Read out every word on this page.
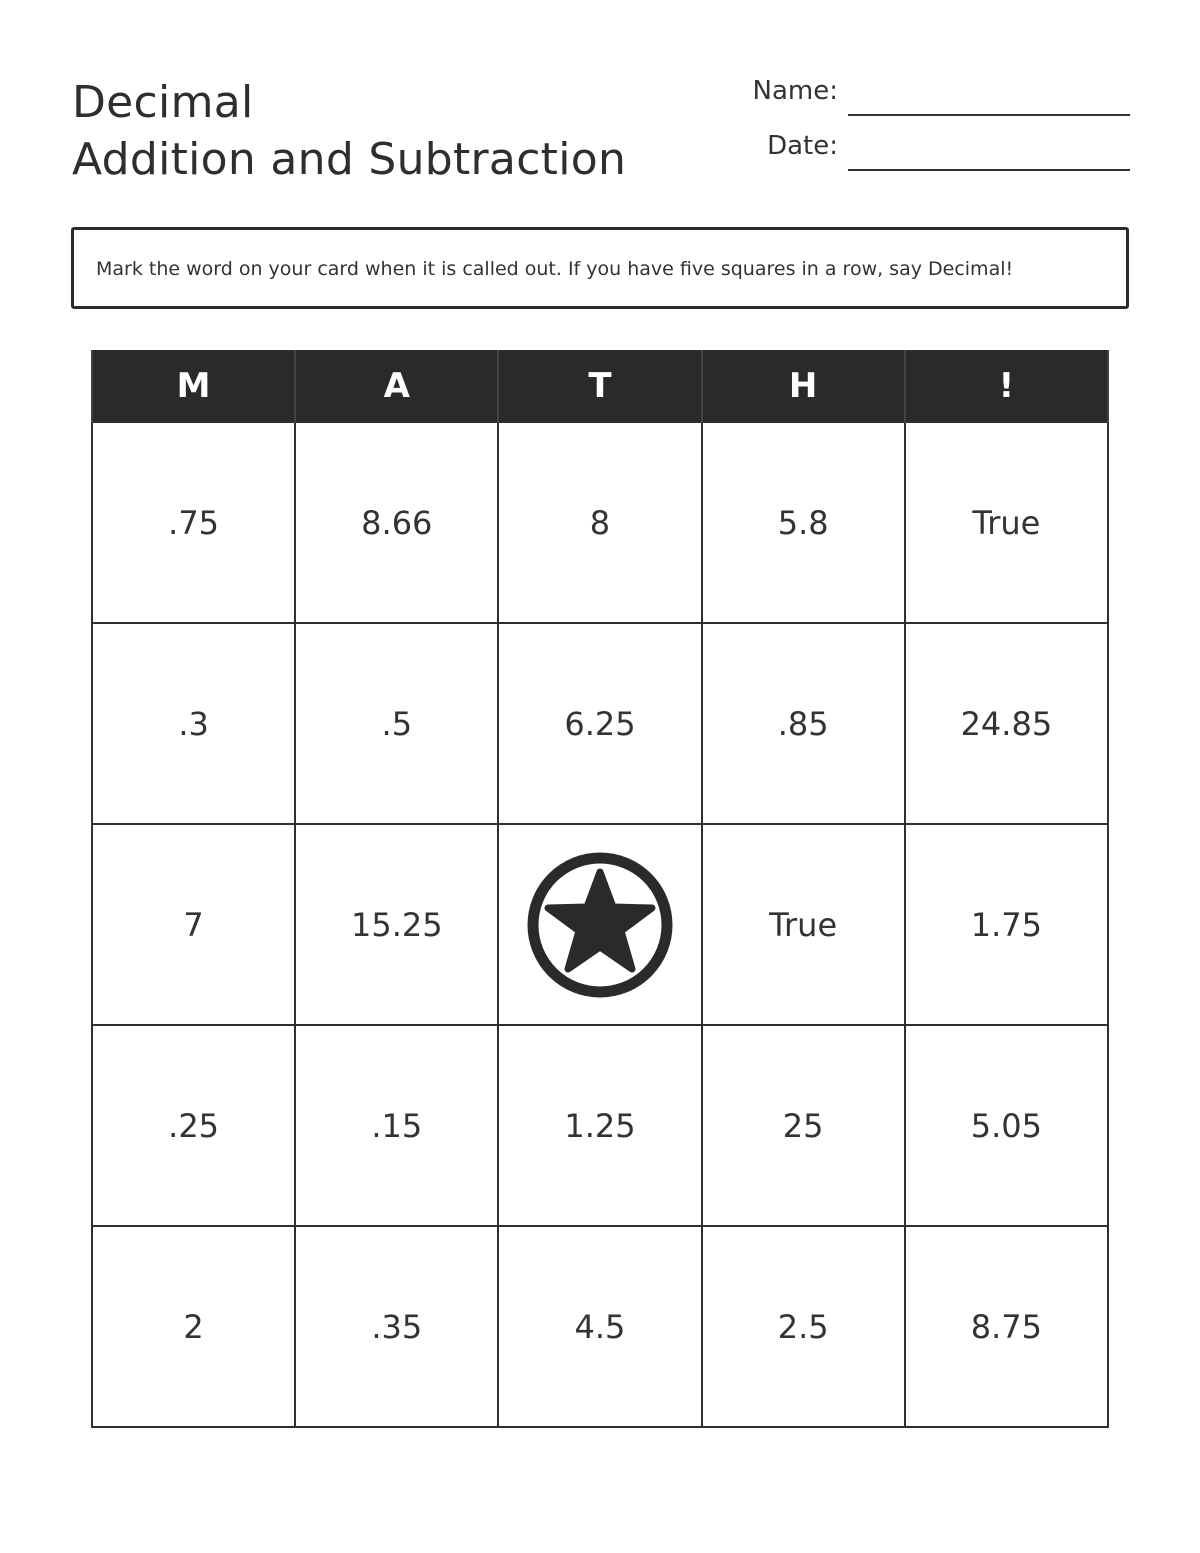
Decimal
Addition and Subtraction
Name:
Date:
Mark the word on your card when it is called out. If you have five squares in a row, say Decimal!
M	A	T	H	!
.75	8.66	8	5.8	True
.3	.5	6.25	.85	24.85
7	15.25		True	1.75
.25	.15	1.25	25	5.05
2	.35	4.5	2.5	8.75
